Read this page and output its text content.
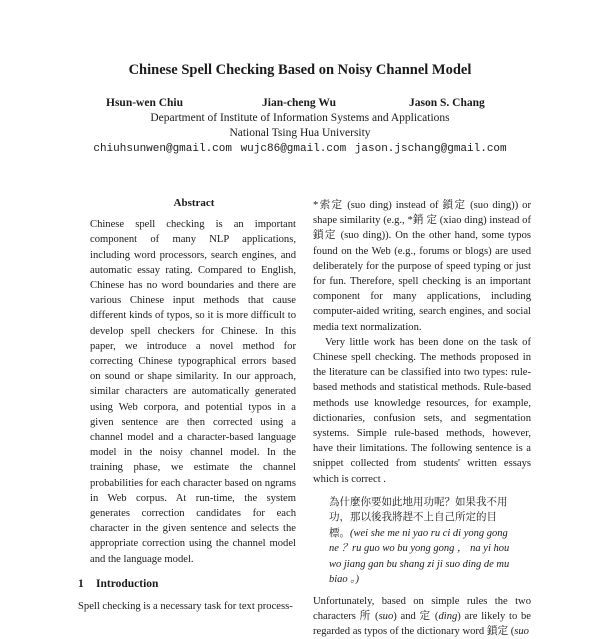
Chinese Spell Checking Based on Noisy Channel Model
Hsun-wen Chiu	Jian-cheng Wu	Jason S. Chang
Department of Institute of Information Systems and Applications
National Tsing Hua University
chiuhsunwen@gmail.com wujc86@gmail.com jason.jschang@gmail.com
Abstract
Chinese spell checking is an important component of many NLP applications, including word processors, search engines, and automatic essay rating. Compared to English, Chinese has no word boundaries and there are various Chinese input methods that cause different kinds of typos, so it is more difficult to develop spell checkers for Chinese. In this paper, we introduce a novel method for correcting Chinese typographical errors based on sound or shape similarity. In our approach, similar characters are automatically generated using Web corpora, and potential typos in a given sentence are then corrected using a channel model and a character-based language model in the noisy channel model. In the training phase, we estimate the channel probabilities for each character based on ngrams in Web corpus. At run-time, the system generates correction candidates for each character in the given sentence and selects the appropriate correction using the channel model and the language model.
1 Introduction
Spell checking is a necessary task for text process-

*索定 (suo ding) instead of 鎖定 (suo ding)) or shape similarity (e.g., *銷 定 (xiao ding) instead of 鎖定 (suo ding)). On the other hand, some typos found on the Web (e.g., forums or blogs) are used deliberately for the purpose of speed typing or just for fun. Therefore, spell checking is an important component for many applications, including computer-aided writing, search engines, and social media text normalization.

Very little work has been done on the task of Chinese spell checking. The methods proposed in the literature can be classified into two types: rule-based methods and statistical methods. Rule-based methods use knowledge resources, for example, dictionaries, confusion sets, and segmentation systems. Simple rule-based methods, however, have their limitations. The following sentence is a snippet collected from students' written essays which is correct .

為什麼你要如此地用功呢？如果我不用功，那以後我將趕不上自己所定的目標。(wei she me ni yao ru ci di yong gong ne ？ru guo wo bu yong gong ， na yi hou wo jiang gan bu shang zi ji suo ding de mu biao 。)

Unfortunately, based on simple rules the two characters 所 (suo) and 定 (dìng) are likely to be regarded as typos of the dictionary word 鎖定 (suo
